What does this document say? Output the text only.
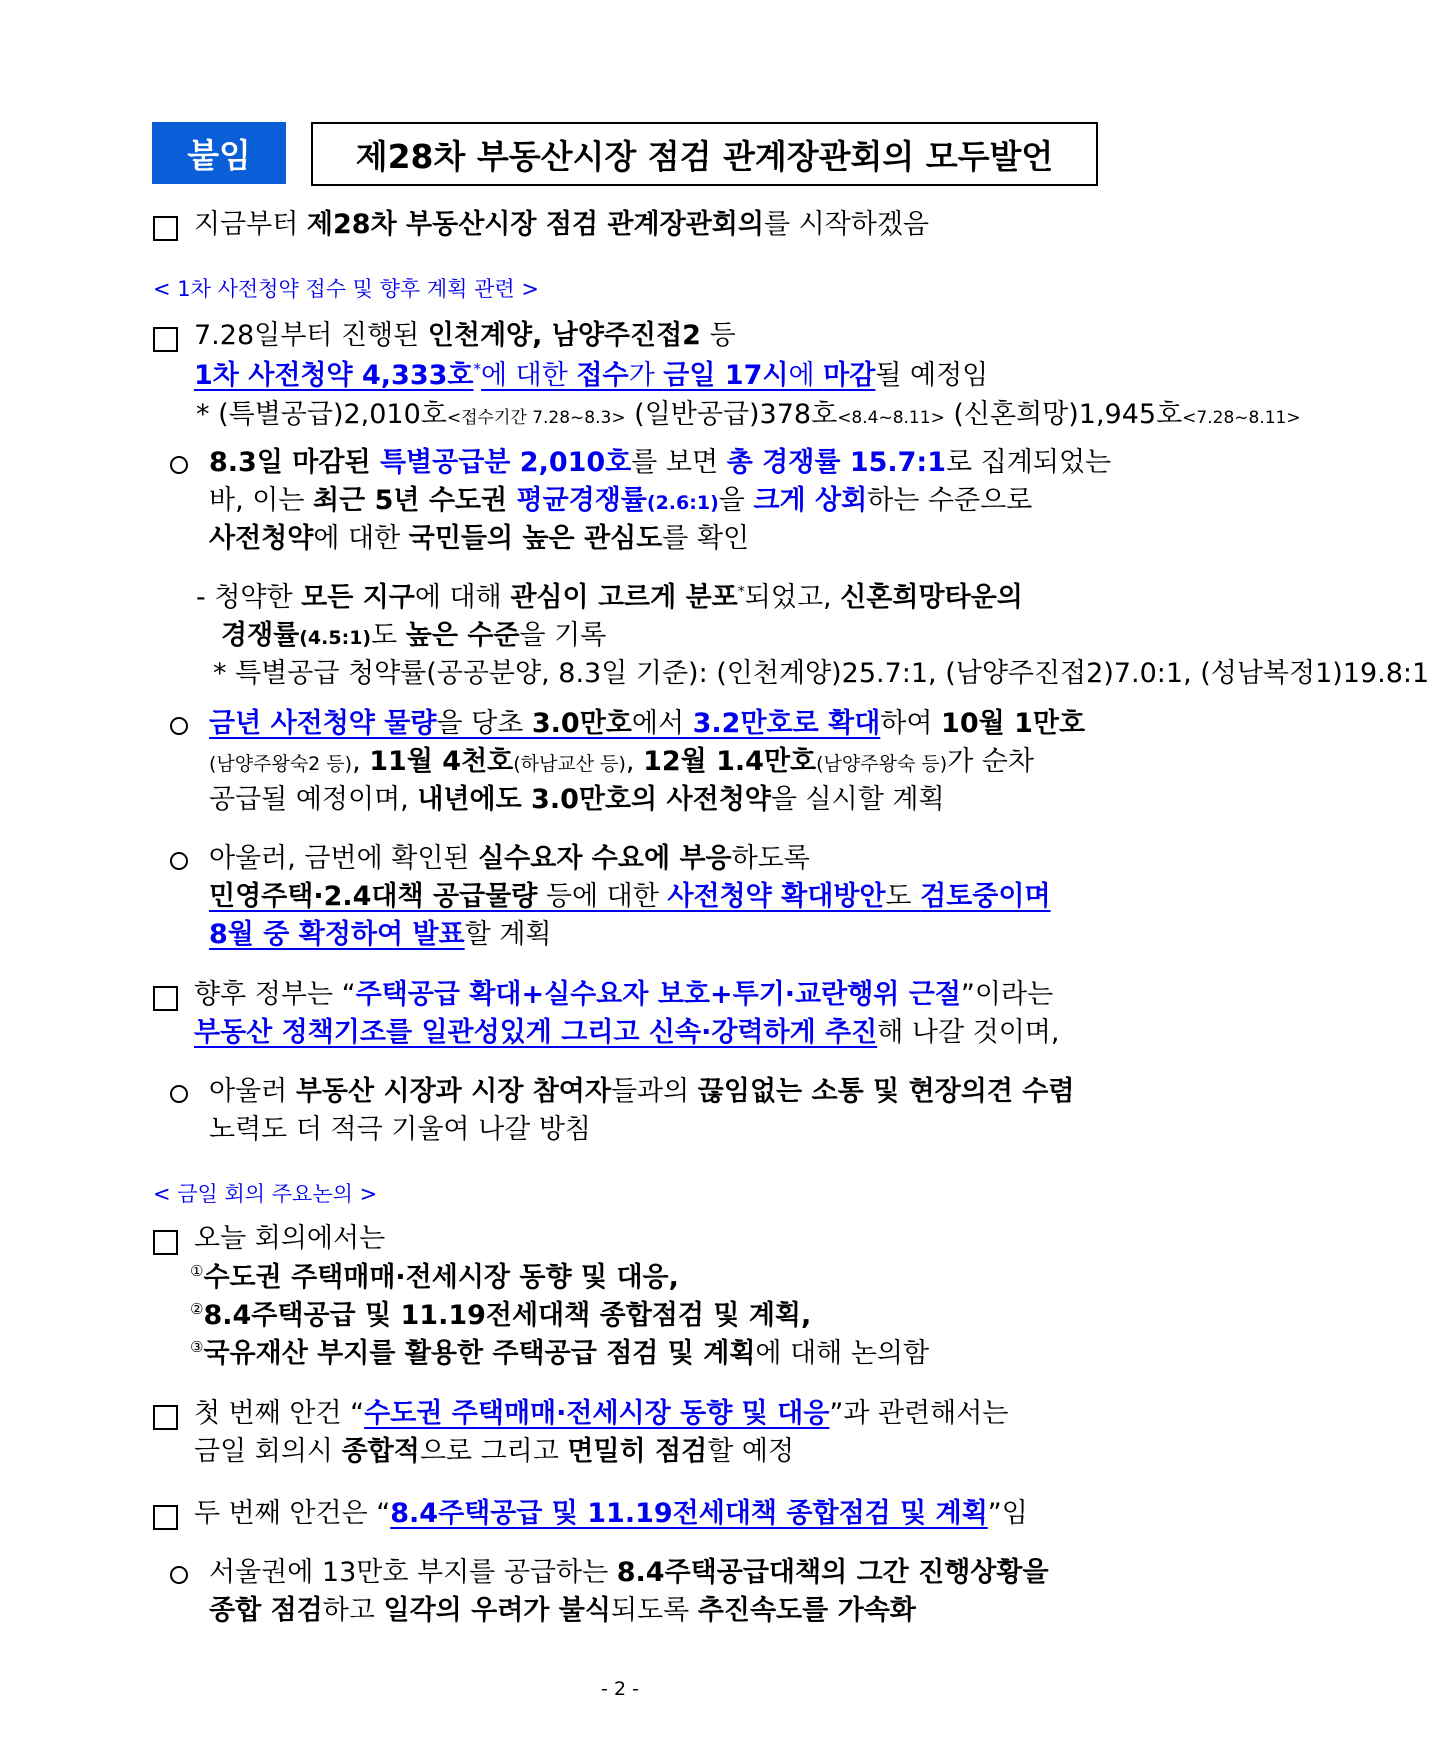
붙임	제28차 부동산시장 점검 관계장관회의 모두발언
지금부터 제28차 부동산시장 점검 관계장관회의를 시작하겠음
< 1차 사전청약 접수 및 향후 계획 관련 >
7.28일부터 진행된 인천계양, 남양주진접2 등
1차 사전청약 4,333호*에 대한 접수가 금일 17시에 마감될 예정임
* (특별공급)2,010호<접수기간 7.28~8.3> (일반공급)378호<8.4~8.11> (신혼희망)1,945호<7.28~8.11>
8.3일 마감된 특별공급분 2,010호를 보면 총 경쟁률 15.7:1로 집계되었는
바, 이는 최근 5년 수도권 평균경쟁률(2.6:1)을 크게 상회하는 수준으로
사전청약에 대한 국민들의 높은 관심도를 확인
- 청약한 모든 지구에 대해 관심이 고르게 분포*되었고, 신혼희망타운의
경쟁률(4.5:1)도 높은 수준을 기록
* 특별공급 청약률(공공분양, 8.3일 기준): (인천계양)25.7:1, (남양주진접2)7.0:1, (성남복정1)19.8:1
금년 사전청약 물량을 당초 3.0만호에서 3.2만호로 확대하여 10월 1만호
(남양주왕숙2 등), 11월 4천호(하남교산 등), 12월 1.4만호(남양주왕숙 등)가 순차
공급될 예정이며, 내년에도 3.0만호의 사전청약을 실시할 계획
아울러, 금번에 확인된 실수요자 수요에 부응하도록
민영주택·2.4대책 공급물량 등에 대한 사전청약 확대방안도 검토중이며
8월 중 확정하여 발표할 계획
향후 정부는 “주택공급 확대+실수요자 보호+투기·교란행위 근절”이라는
부동산 정책기조를 일관성있게 그리고 신속·강력하게 추진해 나갈 것이며,
아울러 부동산 시장과 시장 참여자들과의 끊임없는 소통 및 현장의견 수렴
노력도 더 적극 기울여 나갈 방침
< 금일 회의 주요논의 >
오늘 회의에서는
①수도권 주택매매·전세시장 동향 및 대응,
②8.4주택공급 및 11.19전세대책 종합점검 및 계획,
③국유재산 부지를 활용한 주택공급 점검 및 계획에 대해 논의함
첫 번째 안건 “수도권 주택매매·전세시장 동향 및 대응”과 관련해서는
금일 회의시 종합적으로 그리고 면밀히 점검할 예정
두 번째 안건은 “8.4주택공급 및 11.19전세대책 종합점검 및 계획”임
서울권에 13만호 부지를 공급하는 8.4주택공급대책의 그간 진행상황을
종합 점검하고 일각의 우려가 불식되도록 추진속도를 가속화
- 2 -
